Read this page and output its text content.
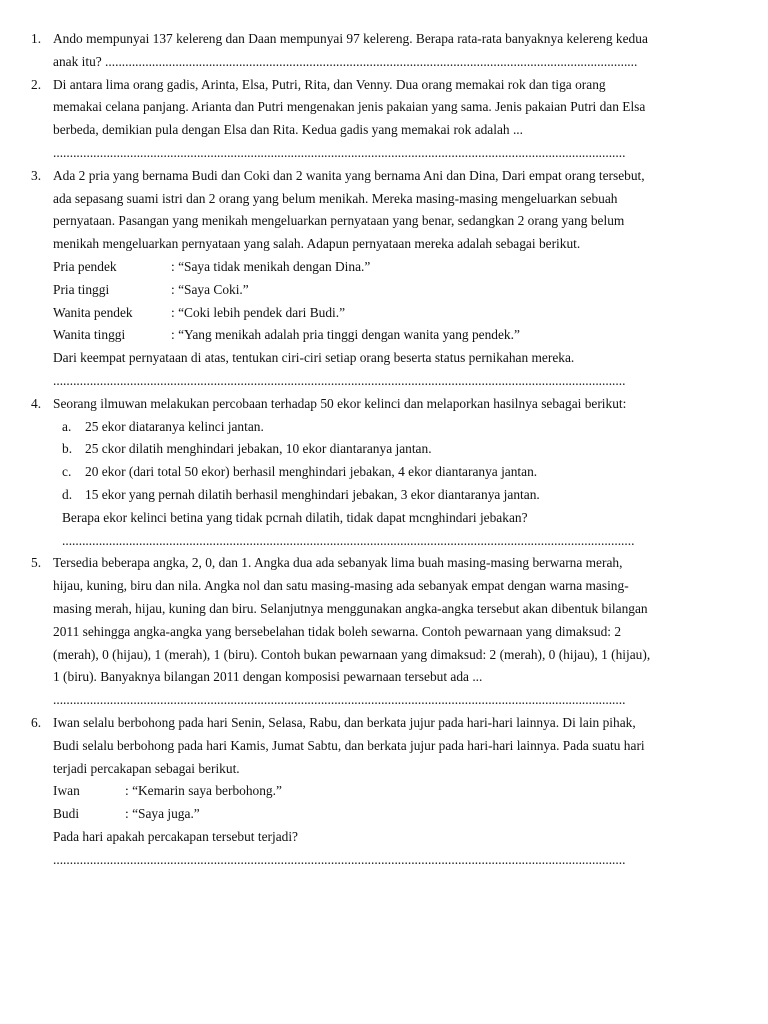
1. Ando mempunyai 137 kelereng dan Daan mempunyai 97 kelereng. Berapa rata-rata banyaknya kelereng kedua
anak itu? ...............................................................................................................................................................
2. Di antara lima orang gadis, Arinta, Elsa, Putri, Rita, dan Venny. Dua orang memakai rok dan tiga orang
memakai celana panjang. Arianta dan Putri mengenakan jenis pakaian yang sama. Jenis pakaian Putri dan Elsa
berbeda, demikian pula dengan Elsa dan Rita. Kedua gadis yang memakai rok adalah ...
...........................................................................................................................................................................
3. Ada 2 pria yang bernama Budi dan Coki dan 2 wanita yang bernama Ani dan Dina, Dari empat orang tersebut,
ada sepasang suami istri dan 2 orang yang belum menikah. Mereka masing-masing mengeluarkan sebuah
pernyataan. Pasangan yang menikah mengeluarkan pernyataan yang benar, sedangkan 2 orang yang belum
menikah mengeluarkan pernyataan yang salah. Adapun pernyataan mereka adalah sebagai berikut.
Pria pendek	: “Saya tidak menikah dengan Dina.”
Pria tinggi	: “Saya Coki.”
Wanita pendek	: “Coki lebih pendek dari Budi.”
Wanita tinggi	: “Yang menikah adalah pria tinggi dengan wanita yang pendek.”
Dari keempat pernyataan di atas, tentukan ciri-ciri setiap orang beserta status pernikahan mereka.
...........................................................................................................................................................................
4. Seorang ilmuwan melakukan percobaan terhadap 50 ekor kelinci dan melaporkan hasilnya sebagai berikut:
a. 25 ekor diataranya kelinci jantan.
b. 25 ckor dilatih menghindari jebakan, 10 ekor diantaranya jantan.
c. 20 ekor (dari total 50 ekor) berhasil menghindari jebakan, 4 ekor diantaranya jantan.
d. 15 ekor yang pernah dilatih berhasil menghindari jebakan, 3 ekor diantaranya jantan.
Berapa ekor kelinci betina yang tidak pcrnah dilatih, tidak dapat mcnghindari jebakan?
...........................................................................................................................................................................
5. Tersedia beberapa angka, 2, 0, dan 1. Angka dua ada sebanyak lima buah masing-masing berwarna merah,
hijau, kuning, biru dan nila. Angka nol dan satu masing-masing ada sebanyak empat dengan warna masing-
masing merah, hijau, kuning dan biru. Selanjutnya menggunakan angka-angka tersebut akan dibentuk bilangan
2011 sehingga angka-angka yang bersebelahan tidak boleh sewarna. Contoh pewarnaan yang dimaksud: 2
(merah), 0 (hijau), 1 (merah), 1 (biru). Contoh bukan pewarnaan yang dimaksud: 2 (merah), 0 (hijau), 1 (hijau),
1 (biru). Banyaknya bilangan 2011 dengan komposisi pewarnaan tersebut ada ...
...........................................................................................................................................................................
6. Iwan selalu berbohong pada hari Senin, Selasa, Rabu, dan berkata jujur pada hari-hari lainnya. Di lain pihak,
Budi selalu berbohong pada hari Kamis, Jumat Sabtu, dan berkata jujur pada hari-hari lainnya. Pada suatu hari
terjadi percakapan sebagai berikut.
Iwan	: “Kemarin saya berbohong.”
Budi	: “Saya juga.”
Pada hari apakah percakapan tersebut terjadi?
...........................................................................................................................................................................
